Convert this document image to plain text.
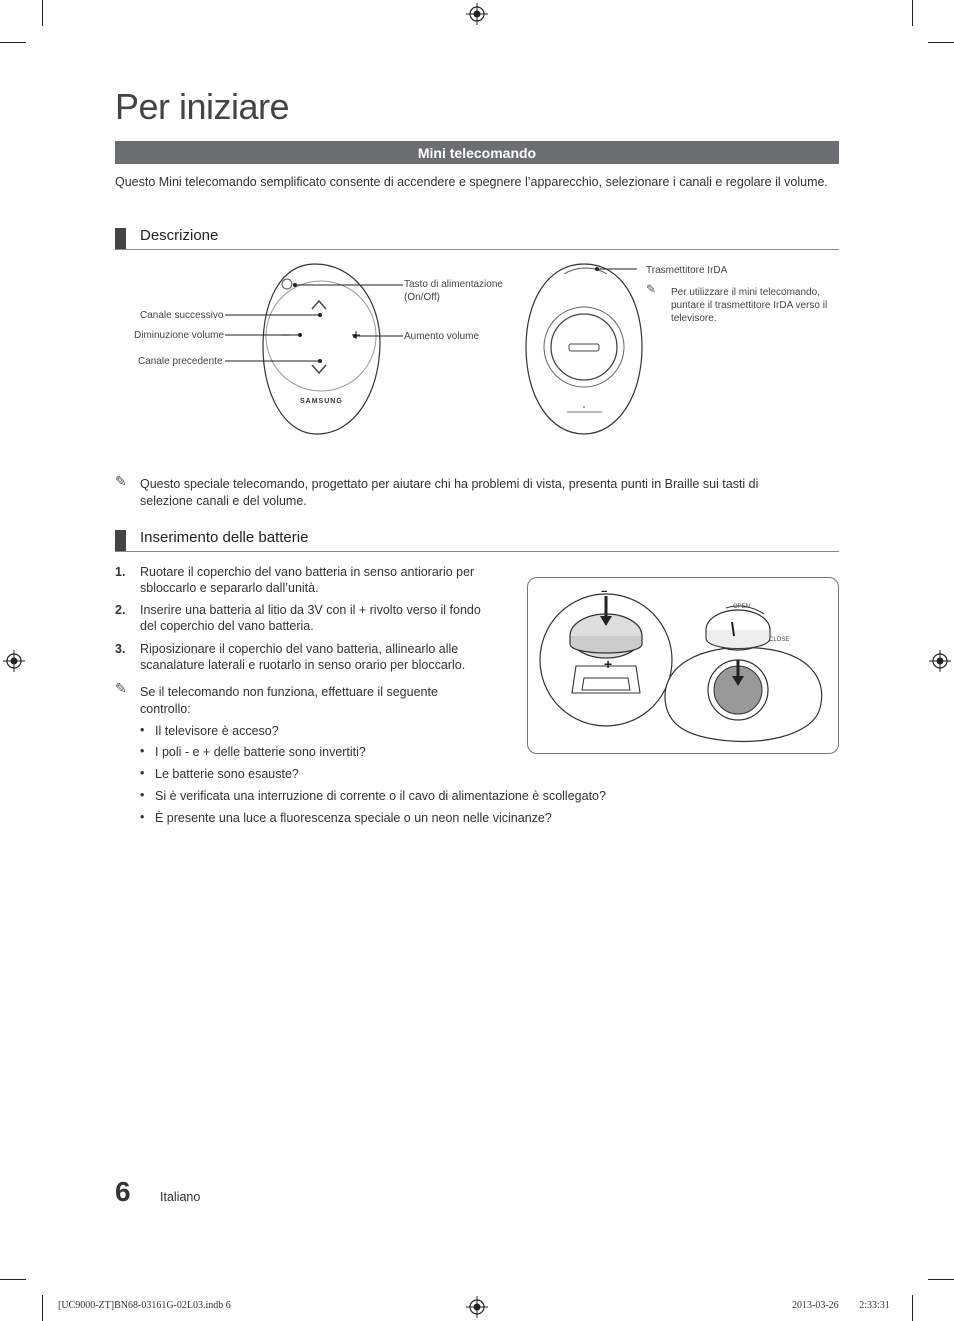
Per iniziare
Mini telecomando
Questo Mini telecomando semplificato consente di accendere e spegnere l’apparecchio, selezionare i canali e regolare il volume.
Descrizione
SAMSUNG
Canale successivo
Diminuzione volume
Canale precedente
Tasto di alimentazione
(On/Off)
Aumento volume
Trasmettitore IrDA
✎ Per utilizzare il mini telecomando,
puntare il trasmettitore IrDA verso il
televisore.
✎ Questo speciale telecomando, progettato per aiutare chi ha problemi di vista, presenta punti in Braille sui tasti di
selezione canali e del volume.
Inserimento delle batterie
1. Ruotare il coperchio del vano batteria in senso antiorario per
sbloccarlo e separarlo dall’unità.
2. Inserire una batteria al litio da 3V con il + rivolto verso il fondo
del coperchio del vano batteria.
3. Riposizionare il coperchio del vano batteria, allinearlo alle
scanalature laterali e ruotarlo in senso orario per bloccarlo.
✎ Se il telecomando non funziona, effettuare il seguente
controllo:
• Il televisore è acceso?
• I poli - e + delle batterie sono invertiti?
• Le batterie sono esauste?
• Si è verificata una interruzione di corrente o il cavo di alimentazione è scollegato?
• È presente una luce a fluorescenza speciale o un neon nelle vicinanze?
OPEN
CLOSE
−
+
6 Italiano
[UC9000-ZT]BN68-03161G-02L03.indb 6	2013-03-26 ￿￿ 2:33:31
